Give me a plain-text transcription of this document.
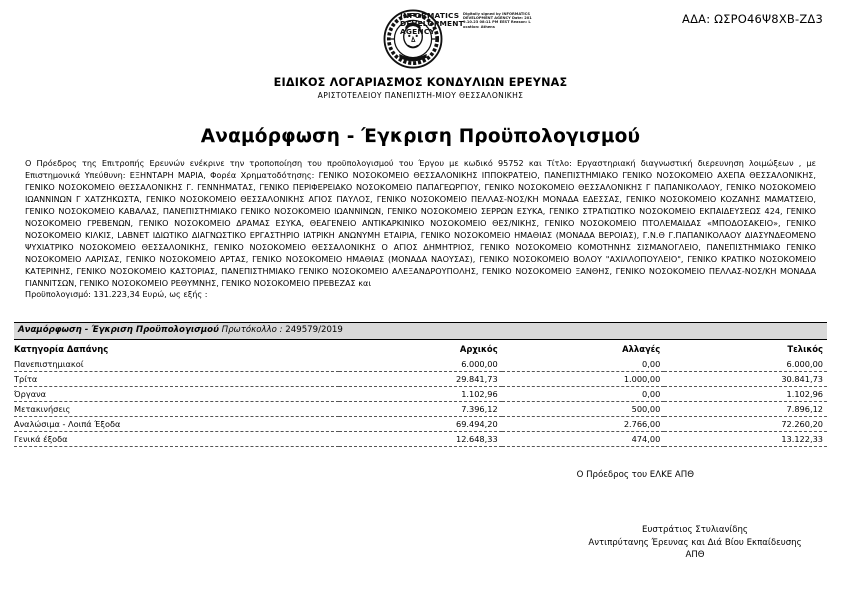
ΑΔΑ: ΩΣΡΟ46Ψ8ΧΒ-ΖΔ3
INFORMATICS DEVELOPMENT AGENCY
Digitally signed by INFORMATICS DEVELOPMENT AGENCY Date: 2019.10.23 08:11 PM EEST Reason: Location: Athens
ΕΙΔΙΚΟΣ ΛΟΓΑΡΙΑΣΜΟΣ ΚΟΝΔΥΛΙΩΝ ΕΡΕΥΝΑΣ
ΑΡΙΣΤΟΤΕΛΕΙΟΥ ΠΑΝΕΠΙΣΤΗ-ΜΙΟΥ ΘΕΣΣΑΛΟΝΙΚΗΣ
Αναμόρφωση - Έγκριση Προϋπολογισμού
Ο Πρόεδρος της Επιτροπής Ερευνών ενέκρινε την τροποποίηση του προϋπολογισμού του Έργου με κωδικό 95752 και Τίτλο: Εργαστηριακή διαγνωστική διερευνηση λοιμώξεων , με Επιστημονικά Υπεύθυνη: ΕΞΗΝΤΑΡΗ ΜΑΡΙΑ, Φορέα Χρηματοδότησης: ΓΕΝΙΚΟ ΝΟΣΟΚΟΜΕΙΟ ΘΕΣΣΑΛΟΝΙΚΗΣ ΙΠΠΟΚΡΑΤΕΙΟ, ΠΑΝΕΠΙΣΤΗΜΙΑΚΟ ΓΕΝΙΚΟ ΝΟΣΟΚΟΜΕΙΟ ΑΧΕΠΑ ΘΕΣΣΑΛΟΝΙΚΗΣ, ΓΕΝΙΚΟ ΝΟΣΟΚΟΜΕΙΟ ΘΕΣΣΑΛΟΝΙΚΗΣ Γ. ΓΕΝΝΗΜΑΤΑΣ, ΓΕΝΙΚΟ ΠΕΡΙΦΕΡΕΙΑΚΟ ΝΟΣΟΚΟΜΕΙΟ ΠΑΠΑΓΕΩΡΓΙΟΥ, ΓΕΝΙΚΟ ΝΟΣΟΚΟΜΕΙΟ ΘΕΣΣΑΛΟΝΙΚΗΣ Γ ΠΑΠΑΝΙΚΟΛΑΟΥ, ΓΕΝΙΚΟ ΝΟΣΟΚΟΜΕΙΟ ΙΩΑΝΝΙΝΩΝ Γ ΧΑΤΖΗΚΩΣΤΑ, ΓΕΝΙΚΟ ΝΟΣΟΚΟΜΕΙΟ ΘΕΣΣΑΛΟΝΙΚΗΣ ΑΓΙΟΣ ΠΑΥΛΟΣ, ΓΕΝΙΚΟ ΝΟΣΟΚΟΜΕΙΟ ΠΕΛΛΑΣ-ΝΟΣ/ΚΗ ΜΟΝΑΔΑ ΕΔΕΣΣΑΣ, ΓΕΝΙΚΟ ΝΟΣΟΚΟΜΕΙΟ ΚΟΖΑΝΗΣ ΜΑΜΑΤΣΕΙΟ, ΓΕΝΙΚΟ ΝΟΣΟΚΟΜΕΙΟ ΚΑΒΑΛΑΣ, ΠΑΝΕΠΙΣΤΗΜΙΑΚΟ ΓΕΝΙΚΟ ΝΟΣΟΚΟΜΕΙΟ ΙΩΑΝΝΙΝΩΝ, ΓΕΝΙΚΟ ΝΟΣΟΚΟΜΕΙΟ ΣΕΡΡΩΝ ΕΣΥΚΑ, ΓΕΝΙΚΟ ΣΤΡΑΤΙΩΤΙΚΟ ΝΟΣΟΚΟΜΕΙΟ ΕΚΠΑΙΔΕΥΣΕΩΣ 424, ΓΕΝΙΚΟ ΝΟΣΟΚΟΜΕΙΟ ΓΡΕΒΕΝΩΝ, ΓΕΝΙΚΟ ΝΟΣΟΚΟΜΕΙΟ ΔΡΑΜΑΣ ΕΣΥΚΑ, ΘΕΑΓΕΝΕΙΟ ΑΝΤΙΚΑΡΚΙΝΙΚΟ ΝΟΣΟΚΟΜΕΙΟ ΘΕΣ/ΝΙΚΗΣ, ΓΕΝΙΚΟ ΝΟΣΟΚΟΜΕΙΟ ΠΤΟΛΕΜΑΙΔΑΣ «ΜΠΟΔΟΣΑΚΕΙΟ», ΓΕΝΙΚΟ ΝΟΣΟΚΟΜΕΙΟ ΚΙΛΚΙΣ, LABNET ΙΔΙΩΤΙΚΟ ΔΙΑΓΝΩΣΤΙΚΟ ΕΡΓΑΣΤΗΡΙΟ ΙΑΤΡΙΚΗ ΑΝΩΝΥΜΗ ΕΤΑΙΡΙΑ, ΓΕΝΙΚΟ ΝΟΣΟΚΟΜΕΙΟ ΗΜΑΘΙΑΣ (ΜΟΝΑΔΑ ΒΕΡΟΙΑΣ), Γ.Ν.Θ Γ.ΠΑΠΑΝΙΚΟΛΑΟΥ ΔΙΑΣΥΝΔΕΟΜΕΝΟ ΨΥΧΙΑΤΡΙΚΟ ΝΟΣΟΚΟΜΕΙΟ ΘΕΣΣΑΛΟΝΙΚΗΣ, ΓΕΝΙΚΟ ΝΟΣΟΚΟΜΕΙΟ ΘΕΣΣΑΛΟΝΙΚΗΣ Ο ΑΓΙΟΣ ΔΗΜΗΤΡΙΟΣ, ΓΕΝΙΚΟ ΝΟΣΟΚΟΜΕΙΟ ΚΟΜΟΤΗΝΗΣ ΣΙΣΜΑΝΟΓΛΕΙΟ, ΠΑΝΕΠΙΣΤΗΜΙΑΚΟ ΓΕΝΙΚΟ ΝΟΣΟΚΟΜΕΙΟ ΛΑΡΙΣΑΣ, ΓΕΝΙΚΟ ΝΟΣΟΚΟΜΕΙΟ ΑΡΤΑΣ, ΓΕΝΙΚΟ ΝΟΣΟΚΟΜΕΙΟ ΗΜΑΘΙΑΣ (ΜΟΝΑΔΑ ΝΑΟΥΣΑΣ), ΓΕΝΙΚΟ ΝΟΣΟΚΟΜΕΙΟ ΒΟΛΟΥ "ΑΧΙΛΛΟΠΟΥΛΕΙΟ", ΓΕΝΙΚΟ ΚΡΑΤΙΚΟ ΝΟΣΟΚΟΜΕΙΟ ΚΑΤΕΡΙΝΗΣ, ΓΕΝΙΚΟ ΝΟΣΟΚΟΜΕΙΟ ΚΑΣΤΟΡΙΑΣ, ΠΑΝΕΠΙΣΤΗΜΙΑΚΟ ΓΕΝΙΚΟ ΝΟΣΟΚΟΜΕΙΟ ΑΛΕΞΑΝΔΡΟΥΠΟΛΗΣ, ΓΕΝΙΚΟ ΝΟΣΟΚΟΜΕΙΟ ΞΑΝΘΗΣ, ΓΕΝΙΚΟ ΝΟΣΟΚΟΜΕΙΟ ΠΕΛΛΑΣ-ΝΟΣ/ΚΗ ΜΟΝΑΔΑ ΓΙΑΝΝΙΤΣΩΝ, ΓΕΝΙΚΟ ΝΟΣΟΚΟΜΕΙΟ ΡΕΘΥΜΝΗΣ, ΓΕΝΙΚΟ ΝΟΣΟΚΟΜΕΙΟ ΠΡΕΒΕΖΑΣ και
Προϋπολογισμό: 131.223,34 Ευρώ, ως εξής :
Αναμόρφωση - Έγκριση Προϋπολογισμού Πρωτόκολλο : 249579/2019
Κατηγορία Δαπάνης	Αρχικός	Αλλαγές	Τελικός
Πανεπιστημιακοί	6.000,00	0,00	6.000,00
Τρίτα	29.841,73	1.000,00	30.841,73
Όργανα	1.102,96	0,00	1.102,96
Μετακινήσεις	7.396,12	500,00	7.896,12
Αναλώσιμα - Λοιπά Έξοδα	69.494,20	2.766,00	72.260,20
Γενικά έξοδα	12.648,33	474,00	13.122,33
Ο Πρόεδρος του ΕΛΚΕ ΑΠΘ
Ευστράτιος Στυλιανίδης
Αντιπρύτανης Έρευνας και Διά Βίου Εκπαίδευσης
ΑΠΘ
